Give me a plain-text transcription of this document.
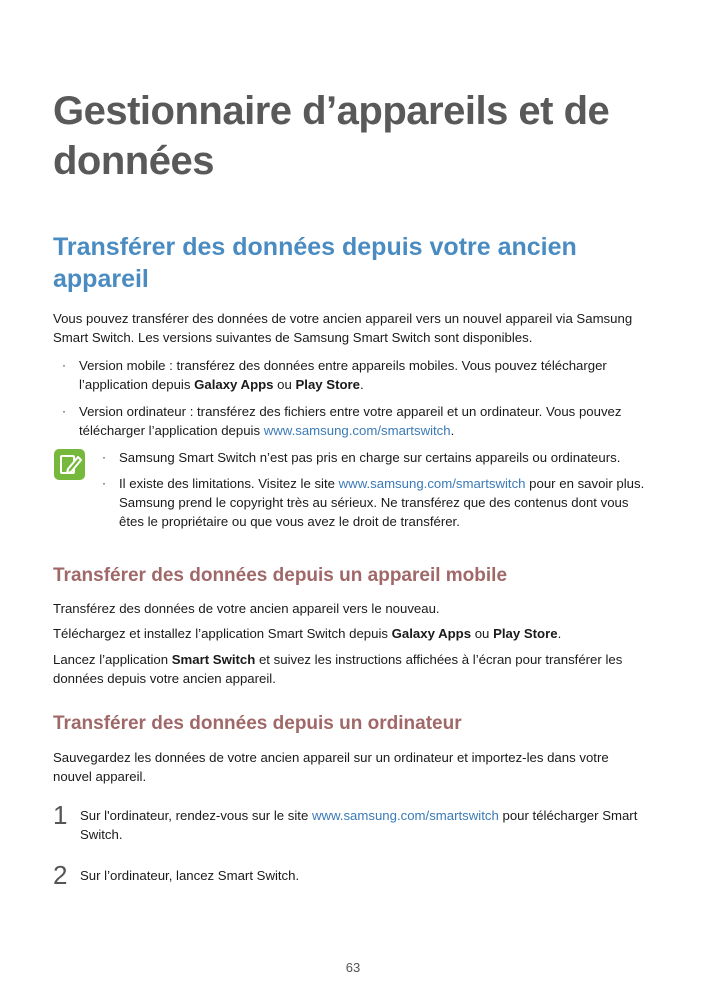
Gestionnaire d’appareils et de données
Transférer des données depuis votre ancien appareil

Vous pouvez transférer des données de votre ancien appareil vers un nouvel appareil via Samsung Smart Switch. Les versions suivantes de Samsung Smart Switch sont disponibles.

· Version mobile : transférez des données entre appareils mobiles. Vous pouvez télécharger l’application depuis Galaxy Apps ou Play Store.

· Version ordinateur : transférez des fichiers entre votre appareil et un ordinateur. Vous pouvez télécharger l’application depuis www.samsung.com/smartswitch.

· Samsung Smart Switch n’est pas pris en charge sur certains appareils ou ordinateurs.

· Il existe des limitations. Visitez le site www.samsung.com/smartswitch pour en savoir plus. Samsung prend le copyright très au sérieux. Ne transférez que des contenus dont vous êtes le propriétaire ou que vous avez le droit de transférer.

Transférer des données depuis un appareil mobile

Transférez des données de votre ancien appareil vers le nouveau.

Téléchargez et installez l’application Smart Switch depuis Galaxy Apps ou Play Store.

Lancez l’application Smart Switch et suivez les instructions affichées à l’écran pour transférer les données depuis votre ancien appareil.

Transférer des données depuis un ordinateur

Sauvegardez les données de votre ancien appareil sur un ordinateur et importez-les dans votre nouvel appareil.

1 Sur l'ordinateur, rendez-vous sur le site www.samsung.com/smartswitch pour télécharger Smart Switch.

2 Sur l’ordinateur, lancez Smart Switch.

63
